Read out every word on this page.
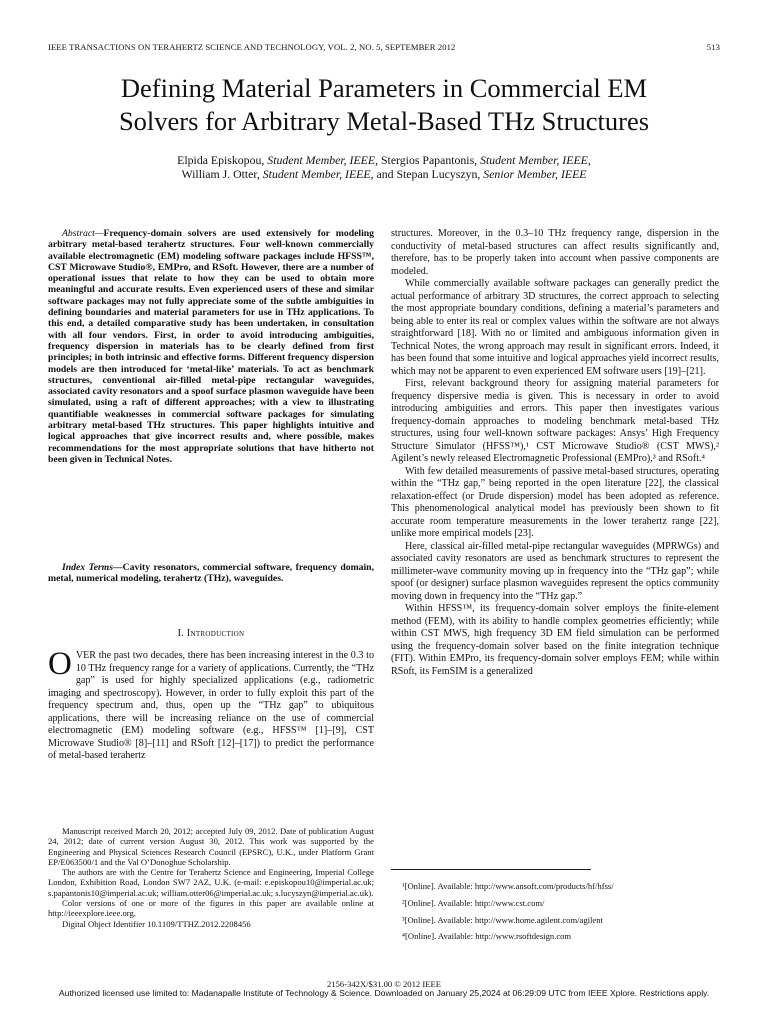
IEEE TRANSACTIONS ON TERAHERTZ SCIENCE AND TECHNOLOGY, VOL. 2, NO. 5, SEPTEMBER 2012	513
Defining Material Parameters in Commercial EM
Solvers for Arbitrary Metal-Based THz Structures
Elpida Episkopou, Student Member, IEEE, Stergios Papantonis, Student Member, IEEE,
William J. Otter, Student Member, IEEE, and Stepan Lucyszyn, Senior Member, IEEE

Abstract—Frequency-domain solvers are used extensively for modeling arbitrary metal-based terahertz structures. Four well-known commercially available electromagnetic (EM) modeling software packages include HFSS™, CST Microwave Studio®, EMPro, and RSoft. However, there are a number of operational issues that relate to how they can be used to obtain more meaningful and accurate results. Even experienced users of these and similar software packages may not fully appreciate some of the subtle ambiguities in defining boundaries and material parameters for use in THz applications. To this end, a detailed comparative study has been undertaken, in consultation with all four vendors. First, in order to avoid introducing ambiguities, frequency dispersion in materials has to be clearly defined from first principles; in both intrinsic and effective forms. Different frequency dispersion models are then introduced for ‘metal-like’ materials. To act as benchmark structures, conventional air-filled metal-pipe rectangular waveguides, associated cavity resonators and a spoof surface plasmon waveguide have been simulated, using a raft of different approaches; with a view to illustrating quantifiable weaknesses in commercial software packages for simulating arbitrary metal-based THz structures. This paper highlights intuitive and logical approaches that give incorrect results and, where possible, makes recommendations for the most appropriate solutions that have hitherto not been given in Technical Notes.

Index Terms—Cavity resonators, commercial software, frequency domain, metal, numerical modeling, terahertz (THz), waveguides.

I. Introduction

OVER the past two decades, there has been increasing interest in the 0.3 to 10 THz frequency range for a variety of applications. Currently, the “THz gap” is used for highly specialized applications (e.g., radiometric imaging and spectroscopy). However, in order to fully exploit this part of the frequency spectrum and, thus, open up the “THz gap” to ubiquitous applications, there will be increasing reliance on the use of commercial electromagnetic (EM) modeling software (e.g., HFSS™ [1]–[9], CST Microwave Studio® [8]–[11] and RSoft [12]–[17]) to predict the performance of metal-based terahertz

Manuscript received March 20, 2012; accepted July 09, 2012. Date of publication August 24, 2012; date of current version August 30, 2012. This work was supported by the Engineering and Physical Sciences Research Council (EPSRC), U.K., under Platform Grant EP/E063500/1 and the Val O’Donoghue Scholarship.

The authors are with the Centre for Terahertz Science and Engineering, Imperial College London, Exhibition Road, London SW7 2AZ, U.K. (e-mail: e.episkopou10@imperial.ac.uk; s.papantonis10@imperial.ac.uk; william.otter06@imperial.ac.uk; s.lucyszyn@imperial.ac.uk).

Color versions of one or more of the figures in this paper are available online at http://ieeexplore.ieee.org.

Digital Object Identifier 10.1109/TTHZ.2012.2208456

structures. Moreover, in the 0.3–10 THz frequency range, dispersion in the conductivity of metal-based structures can affect results significantly and, therefore, has to be properly taken into account when passive components are modeled.

While commercially available software packages can generally predict the actual performance of arbitrary 3D structures, the correct approach to selecting the most appropriate boundary conditions, defining a material’s parameters and being able to enter its real or complex values within the software are not always straightforward [18]. With no or limited and ambiguous information given in Technical Notes, the wrong approach may result in significant errors. Indeed, it has been found that some intuitive and logical approaches yield incorrect results, which may not be apparent to even experienced EM software users [19]–[21].

First, relevant background theory for assigning material parameters for frequency dispersive media is given. This is necessary in order to avoid introducing ambiguities and errors. This paper then investigates various frequency-domain approaches to modeling benchmark metal-based THz structures, using four well-known software packages: Ansys’ High Frequency Structure Simulator (HFSS™),¹ CST Microwave Studio® (CST MWS),² Agilent’s newly released Electromagnetic Professional (EMPro),³ and RSoft.⁴

With few detailed measurements of passive metal-based structures, operating within the “THz gap,” being reported in the open literature [22], the classical relaxation-effect (or Drude dispersion) model has been adopted as reference. This phenomenological analytical model has previously been shown to fit accurate room temperature measurements in the lower terahertz range [22], unlike more empirical models [23].

Here, classical air-filled metal-pipe rectangular waveguides (MPRWGs) and associated cavity resonators are used as benchmark structures to represent the millimeter-wave community moving up in frequency into the “THz gap”; while spoof (or designer) surface plasmon waveguides represent the optics community moving down in frequency into the “THz gap.”

Within HFSS™, its frequency-domain solver employs the finite-element method (FEM), with its ability to handle complex geometries efficiently; while within CST MWS, high frequency 3D EM field simulation can be performed using the frequency-domain solver based on the finite integration technique (FIT). Within EMPro, its frequency-domain solver employs FEM; while within RSoft, its FemSIM is a generalized

¹[Online]. Available: http://www.ansoft.com/products/hf/hfss/
²[Online]. Available: http://www.cst.com/
³[Online]. Available: http://www.home.agilent.com/agilent
⁴[Online]. Available: http://www.rsoftdesign.com
2156-342X/$31.00 © 2012 IEEE
Authorized licensed use limited to: Madanapalle Institute of Technology & Science. Downloaded on January 25,2024 at 06:29:09 UTC from IEEE Xplore. Restrictions apply.
